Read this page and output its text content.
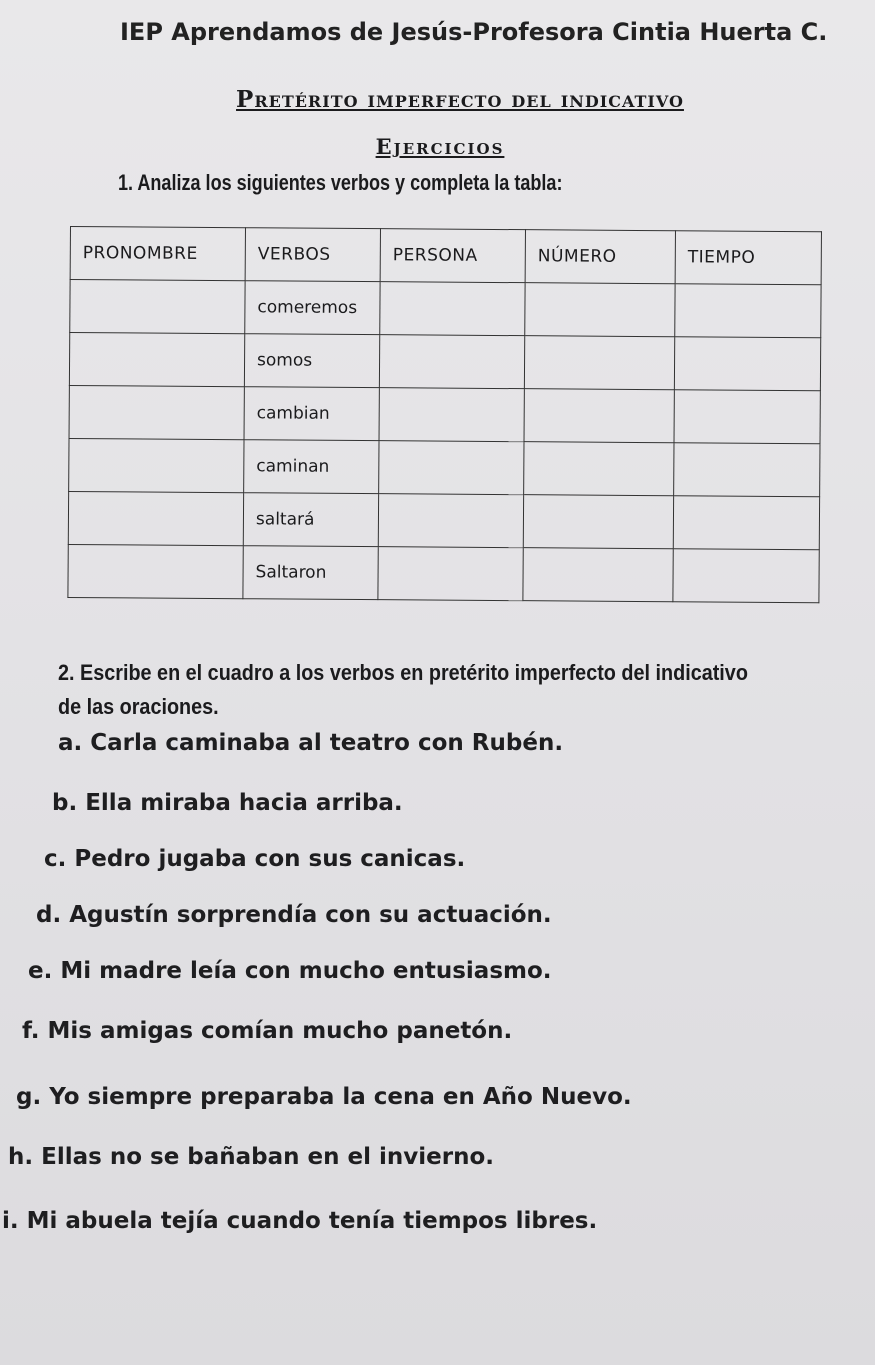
IEP Aprendamos de Jesús-Profesora Cintia Huerta C.
Pretérito imperfecto del indicativo
Ejercicios
1. Analiza los siguientes verbos y completa la tabla:
PRONOMBRE	VERBOS	PERSONA	NÚMERO	TIEMPO
	comeremos			
	somos			
	cambian			
	caminan			
	saltará			
	Saltaron			
2. Escribe en el cuadro a los verbos en pretérito imperfecto del indicativo de las oraciones.
a. Carla caminaba al teatro con Rubén.
b. Ella miraba hacia arriba.
c. Pedro jugaba con sus canicas.
d. Agustín sorprendía con su actuación.
e. Mi madre leía con mucho entusiasmo.
f. Mis amigas comían mucho panetón.
g. Yo siempre preparaba la cena en Año Nuevo.
h. Ellas no se bañaban en el invierno.
i. Mi abuela tejía cuando tenía tiempos libres.
